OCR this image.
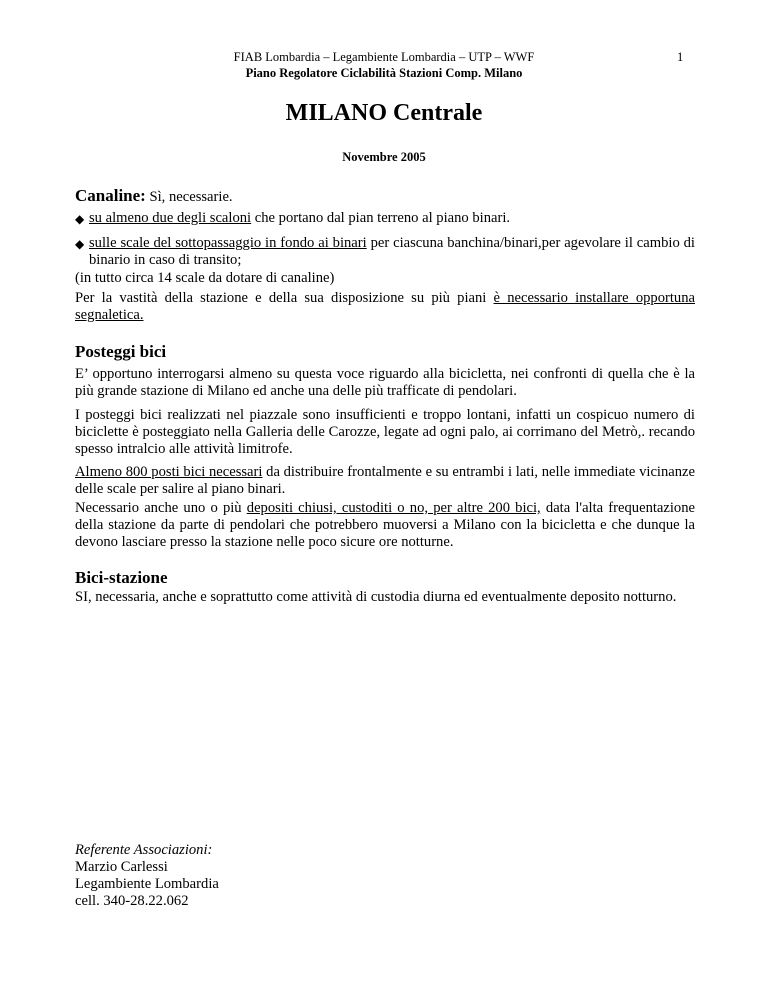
FIAB Lombardia – Legambiente Lombardia – UTP – WWF

Piano Regolatore Ciclabilità Stazioni Comp. Milano

1

MILANO Centrale

Novembre 2005

Canaline: Sì, necessarie.

◆ su almeno due degli scaloni che portano dal pian terreno al piano binari.
◆ sulle scale del sottopassaggio in fondo ai binari per ciascuna banchina/binari,per agevolare il cambio di binario in caso di transito;

(in tutto circa 14 scale da dotare di canaline)

Per la vastità della stazione e della sua disposizione su più piani è necessario installare opportuna segnaletica.

Posteggi bici

E’ opportuno interrogarsi almeno su questa voce riguardo alla bicicletta, nei confronti di quella che è la più grande stazione di Milano ed anche una delle più trafficate di pendolari.

I posteggi bici realizzati nel piazzale sono insufficienti e troppo lontani, infatti un cospicuo numero di biciclette è posteggiato nella Galleria delle Carozze, legate ad ogni palo, ai corrimano del Metrò,. recando spesso intralcio alle attività limitrofe.

Almeno 800 posti bici necessari da distribuire frontalmente e su entrambi i lati, nelle immediate vicinanze delle scale per salire al piano binari.

Necessario anche uno o più depositi chiusi, custoditi o no, per altre 200 bici, data l'alta frequentazione della stazione da parte di pendolari che potrebbero muoversi a Milano con la bicicletta e che dunque la devono lasciare presso la stazione nelle poco sicure ore notturne.

Bici-stazione

SI, necessaria, anche e soprattutto come attività di custodia diurna ed eventualmente deposito notturno.

Referente Associazioni:
Marzio Carlessi
Legambiente Lombardia
cell. 340-28.22.062
